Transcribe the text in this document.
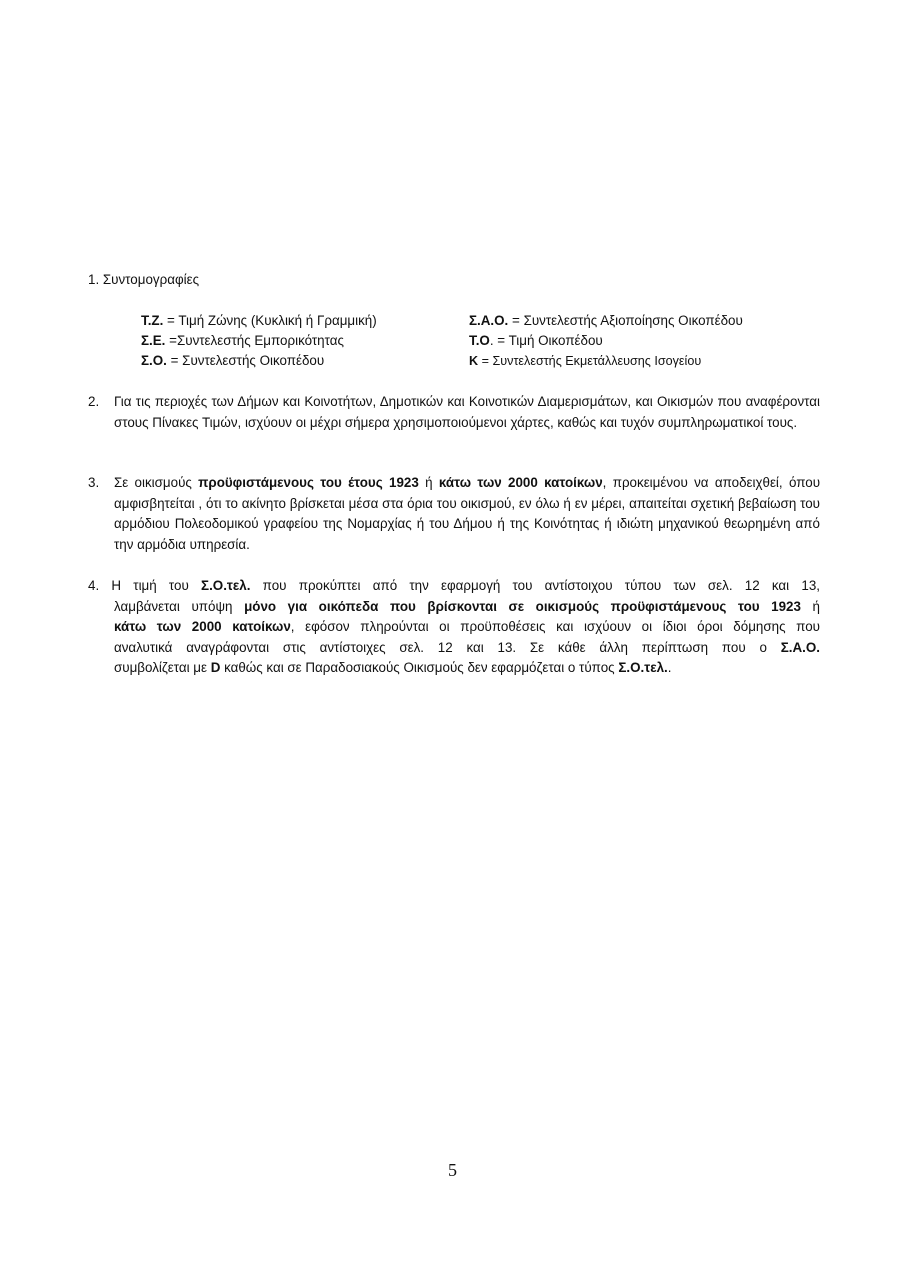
1. Συντομογραφίες
Τ.Ζ. = Τιμή Ζώνης (Κυκλική ή Γραμμική)
Σ.Ε. =Συντελεστής Εμπορικότητας
Σ.Ο. = Συντελεστής Οικοπέδου
Σ.Α.Ο. = Συντελεστής Αξιοποίησης Οικοπέδου
Τ.Ο. = Τιμή Οικοπέδου
Κ = Συντελεστής Εκμετάλλευσης Ισογείου
2. Για τις περιοχές των Δήμων και Κοινοτήτων, Δημοτικών και Κοινοτικών Διαμερισμάτων, και Οικισμών που αναφέρονται στους Πίνακες Τιμών, ισχύουν οι μέχρι σήμερα χρησιμοποιούμενοι χάρτες, καθώς και τυχόν συμπληρωματικοί τους.

3. Σε οικισμούς προϋφιστάμενους του έτους 1923 ή κάτω των 2000 κατοίκων, προκειμένου να αποδειχθεί, όπου αμφισβητείται , ότι το ακίνητο βρίσκεται μέσα στα όρια του οικισμού, εν όλω ή εν μέρει, απαιτείται σχετική βεβαίωση του αρμόδιου Πολεοδομικού γραφείου της Νομαρχίας ή του Δήμου ή της Κοινότητας ή ιδιώτη μηχανικού θεωρημένη από την αρμόδια υπηρεσία.

4. Η τιμή του Σ.Ο.τελ. που προκύπτει από την εφαρμογή του αντίστοιχου τύπου των σελ. 12 και 13,

λαμβάνεται υπόψη μόνο για οικόπεδα που βρίσκονται σε οικισμούς προϋφιστάμενους του 1923 ή

κάτω των 2000 κατοίκων, εφόσον πληρούνται οι προϋποθέσεις και ισχύουν οι ίδιοι όροι δόμησης που

αναλυτικά αναγράφονται στις αντίστοιχες σελ. 12 και 13. Σε κάθε άλλη περίπτωση που ο Σ.Α.Ο.

συμβολίζεται με D καθώς και σε Παραδοσιακούς Οικισμούς δεν εφαρμόζεται ο τύπος Σ.Ο.τελ..

5
